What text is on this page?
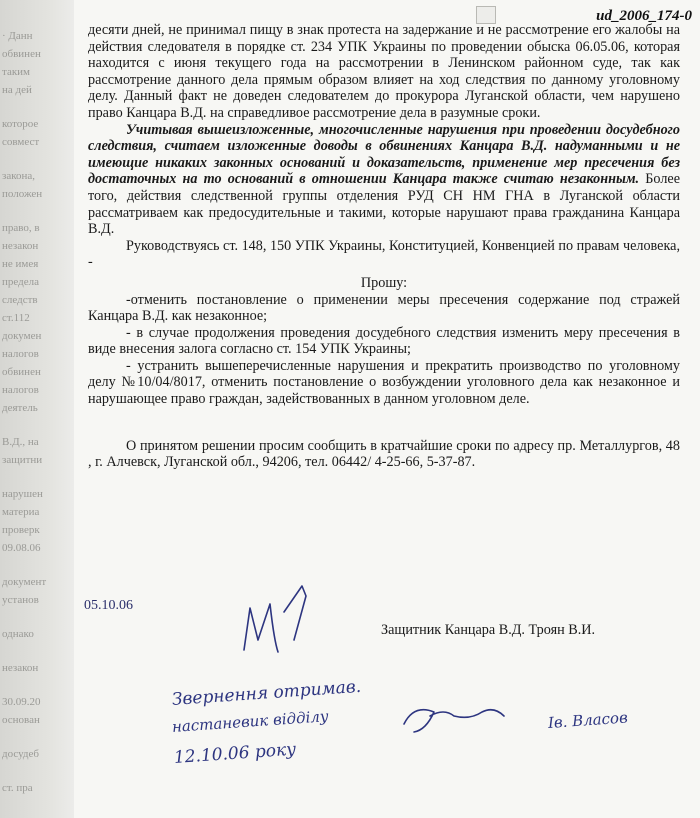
· Данн
обвинен
таким
на дей
которое
совмест
закона,
положен
право, в
незакон
не имея
предела
следств
ст.112
докумен
налогов
обвинен
налогов
деятель
В.Д., на
защитни
нарушен
материа
проверк
09.08.06
документ
установ
однако
незакон
30.09.20
основан
досудеб
ст. пра
ud_2006_174-0

десяти дней, не принимал пищу в знак протеста на задержание и не рассмотрение его жалобы на действия следователя в порядке ст. 234 УПК Украины по проведении обыска 06.05.06, которая находится с июня текущего года на рассмотрении в Ленинском районном суде, так как рассмотрение данного дела прямым образом влияет на ход следствия по данному уголовному делу. Данный факт не доведен следователем до прокурора Луганской области, чем нарушено право Канцара В.Д. на справедливое рассмотрение дела в разумные сроки.

Учитывая вышеизложенные, многочисленные нарушения при проведении досудебного следствия, считаем изложенные доводы в обвинениях Канцара В.Д. надуманными и не имеющие никаких законных оснований и доказательств, применение мер пресечения без достаточных на то оснований в отношении Канцара также считаю незаконным. Более того, действия следственной группы отделения РУД СН НМ ГНА в Луганской области рассматриваем как предосудительные и такими, которые нарушают права гражданина Канцара В.Д.

Руководствуясь ст. 148, 150 УПК Украины, Конституцией, Конвенцией по правам человека, -

Прошу:

-отменить постановление о применении меры пресечения содержание под стражей Канцара В.Д. как незаконное;

- в случае продолжения проведения досудебного следствия изменить меру пресечения в виде внесения залога согласно ст. 154 УПК Украины;

- устранить вышеперечисленные нарушения и прекратить производство по уголовному делу №10/04/8017, отменить постановление о возбуждении уголовного дела как незаконное и нарушающее право граждан, задействованных в данном уголовном деле.

О принятом решении просим сообщить в кратчайшие сроки по адресу пр. Металлургов, 48 , г. Алчевск, Луганской обл., 94206, тел. 06442/ 4-25-66, 5-37-87.

05.10.06
Защитник Канцара В.Д. Троян В.И.
Звернення отримав.
настаневик відділу
12.10.06 року
Ів. Власов
